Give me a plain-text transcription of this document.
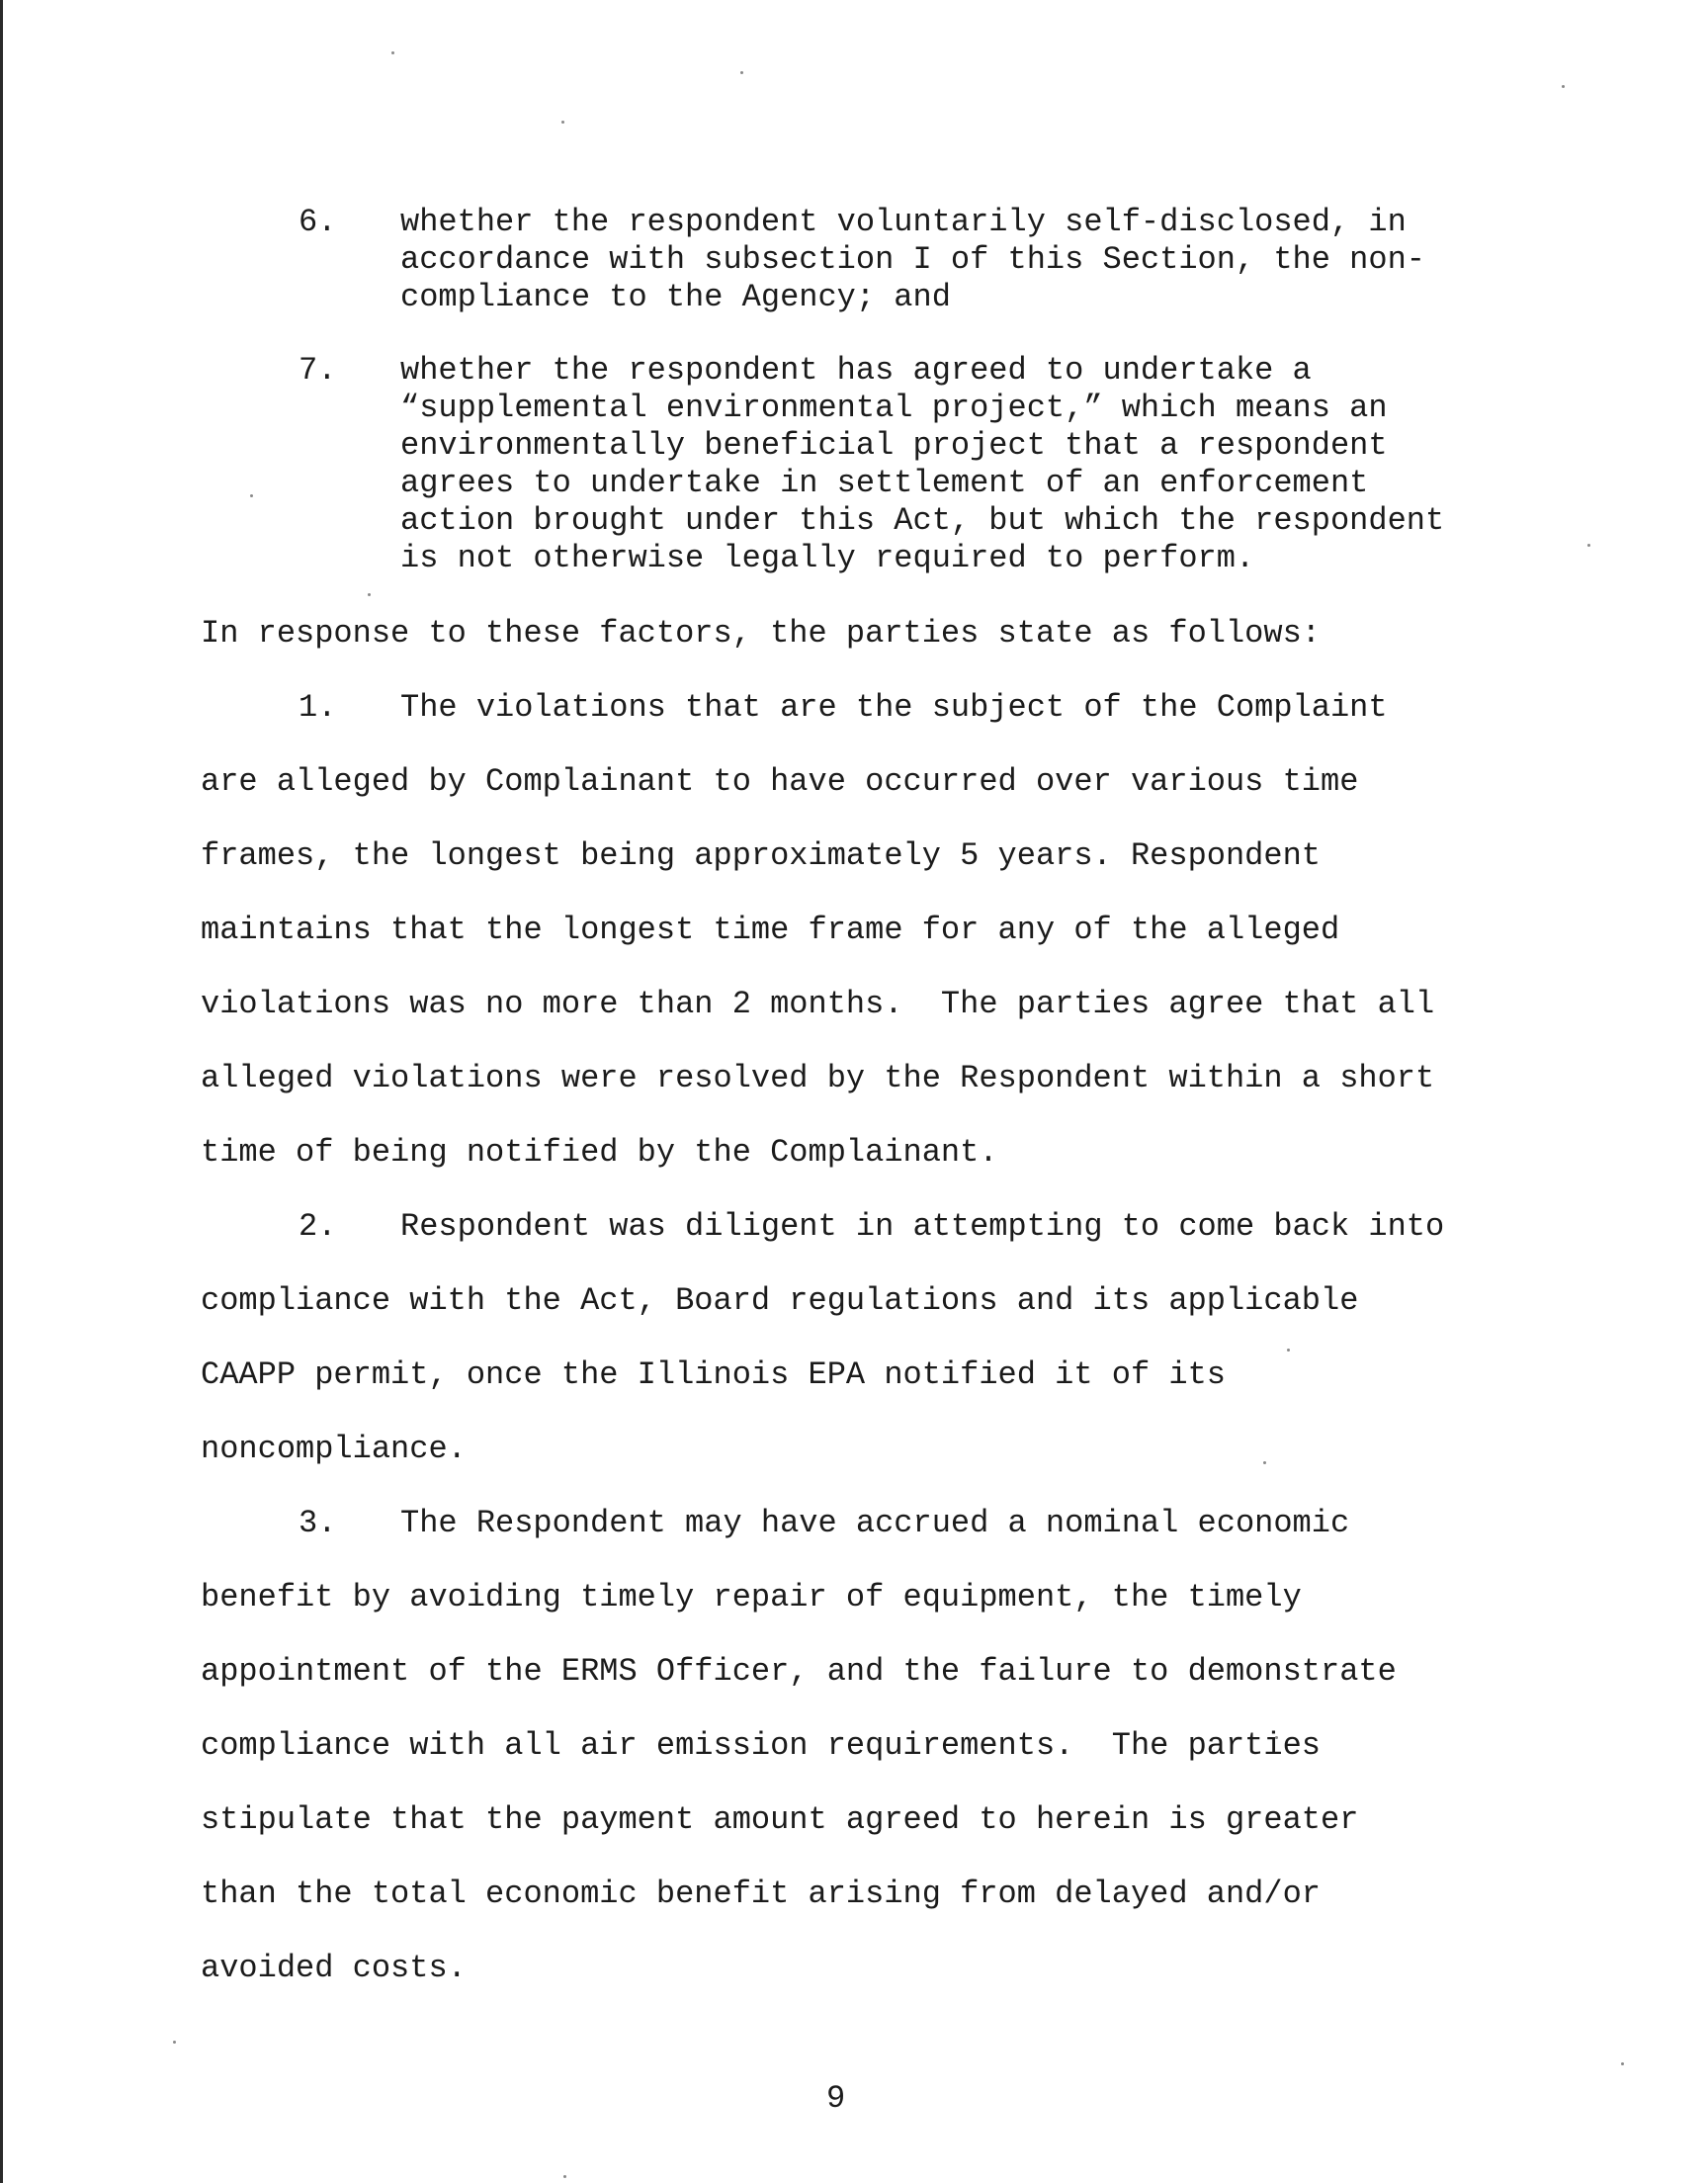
6. whether the respondent voluntarily self-disclosed, in
accordance with subsection I of this Section, the non-
compliance to the Agency; and
7. whether the respondent has agreed to undertake a
“supplemental environmental project,” which means an
environmentally beneficial project that a respondent
agrees to undertake in settlement of an enforcement
action brought under this Act, but which the respondent
is not otherwise legally required to perform.
In response to these factors, the parties state as follows:
1. The violations that are the subject of the Complaint
are alleged by Complainant to have occurred over various time
frames, the longest being approximately 5 years. Respondent
maintains that the longest time frame for any of the alleged
violations was no more than 2 months.  The parties agree that all
alleged violations were resolved by the Respondent within a short
time of being notified by the Complainant.
2. Respondent was diligent in attempting to come back into
compliance with the Act, Board regulations and its applicable
CAAPP permit, once the Illinois EPA notified it of its
noncompliance.
3. The Respondent may have accrued a nominal economic
benefit by avoiding timely repair of equipment, the timely
appointment of the ERMS Officer, and the failure to demonstrate
compliance with all air emission requirements.  The parties
stipulate that the payment amount agreed to herein is greater
than the total economic benefit arising from delayed and/or
avoided costs.
9
